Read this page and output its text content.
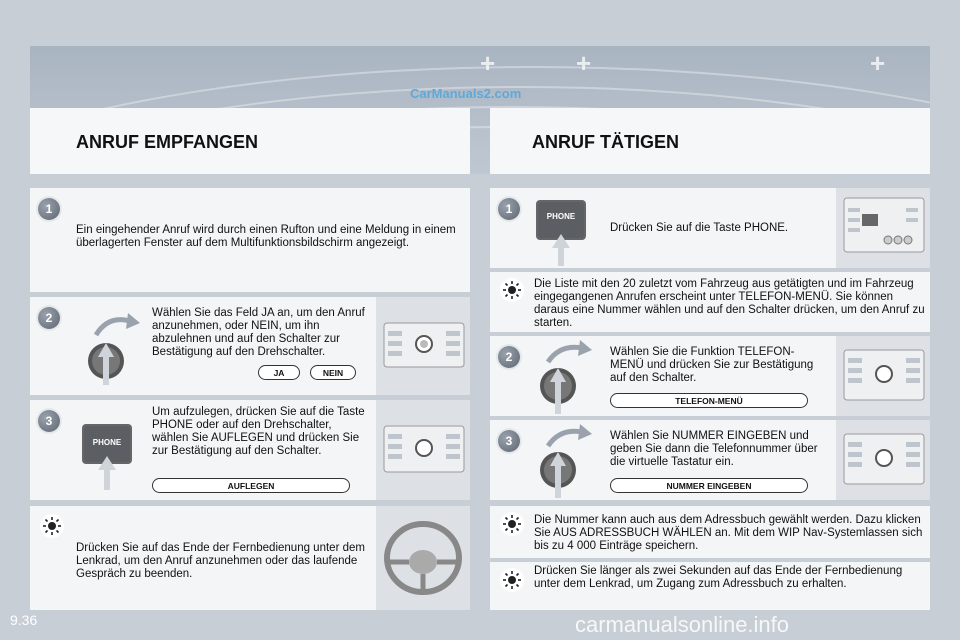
+	+	+
CarManuals2.com
ANRUF EMPFANGEN	ANRUF TÄTIGEN
1
Ein eingehender Anruf wird durch einen Rufton und eine Meldung in einem überlagerten Fenster auf dem Multifunktionsbildschirm angezeigt.
2	Wählen Sie das Feld JA an, um den Anruf anzunehmen, oder NEIN, um ihn abzulehnen und auf den Schalter zur Bestätigung auf den Drehschalter.
JA	NEIN
3
PHONE
Um aufzulegen, drücken Sie auf die Taste PHONE oder auf den Drehschalter, wählen Sie AUFLEGEN und drücken Sie zur Bestätigung auf den Schalter.
AUFLEGEN
Drücken Sie auf das Ende der Fernbedienung unter dem Lenkrad, um den Anruf anzunehmen oder das laufende Gespräch zu beenden.
1
PHONE
Drücken Sie auf die Taste PHONE.
Die Liste mit den 20 zuletzt vom Fahrzeug aus getätigten und im Fahrzeug eingegangenen Anrufen erscheint unter TELEFON-MENÜ. Sie können daraus eine Nummer wählen und auf den Schalter drücken, um den Anruf zu starten.
2	Wählen Sie die Funktion TELEFON-MENÜ und drücken Sie zur Bestätigung auf den Schalter.
TELEFON-MENÜ
3	Wählen Sie NUMMER EINGEBEN und geben Sie dann die Telefonnummer über die virtuelle Tastatur ein.
NUMMER EINGEBEN
Die Nummer kann auch aus dem Adressbuch gewählt werden. Dazu klicken Sie AUS ADRESSBUCH WÄHLEN an. Mit dem WIP Nav-Systemlassen sich bis zu 4 000 Einträge speichern.
Drücken Sie länger als zwei Sekunden auf das Ende der Fernbedienung unter dem Lenkrad, um Zugang zum Adressbuch zu erhalten.
9.36	carmanualsonline.info
